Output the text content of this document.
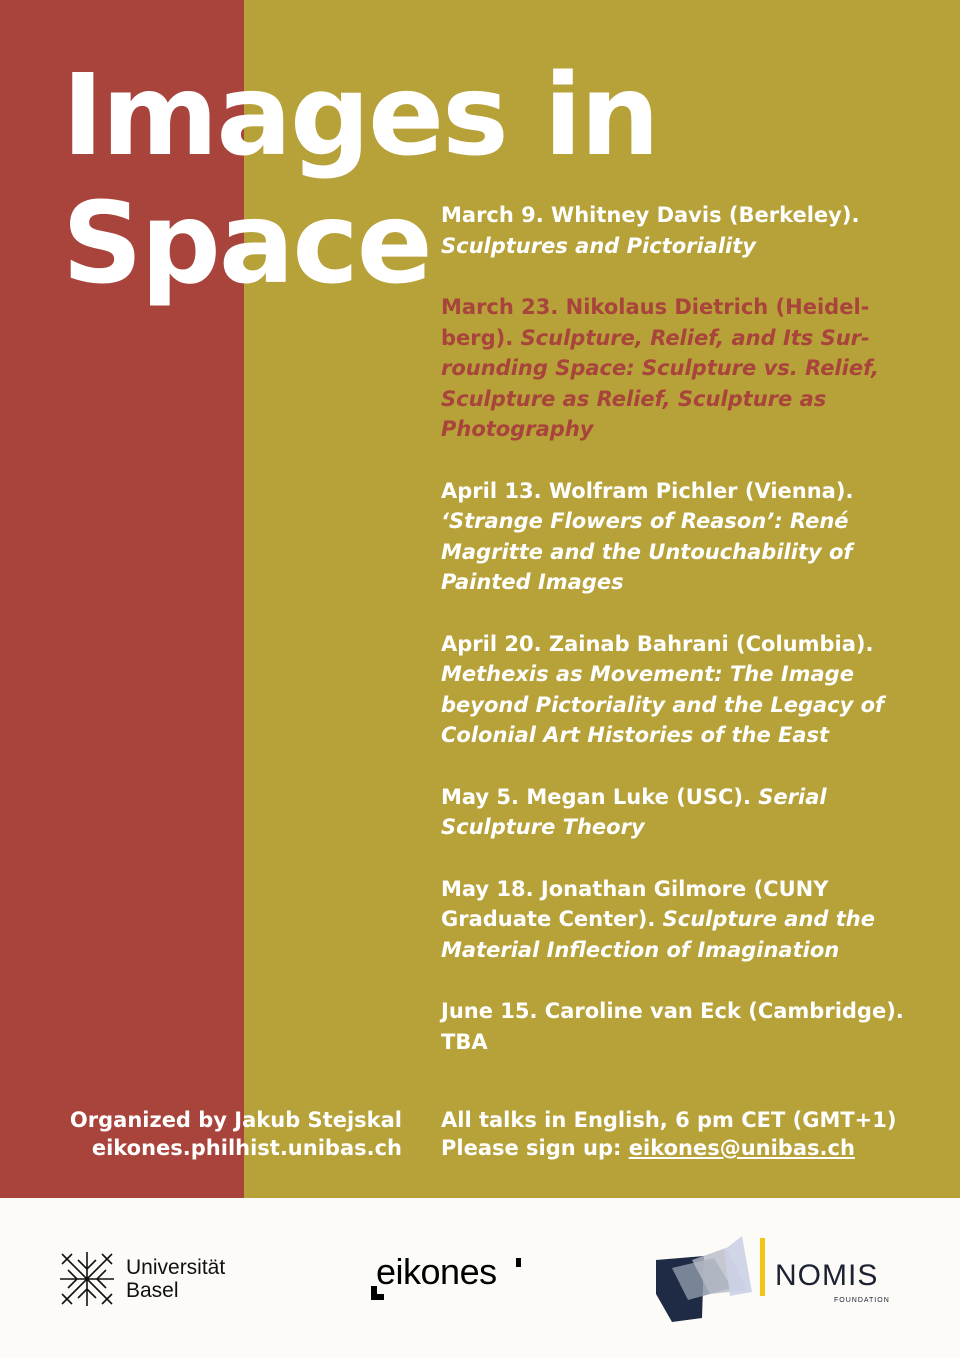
Images in
Space March 9. Whitney Davis (Berkeley). Sculptures and Pictoriality
March 23. Nikolaus Dietrich (Heidel- berg). Sculpture, Relief, and Its Sur- rounding Space: Sculpture vs. Relief, Sculpture as Relief, Sculpture as Photography
April 13. Wolfram Pichler (Vienna). ‘Strange Flowers of Reason’: René Magritte and the Untouchability of Painted Images
April 20. Zainab Bahrani (Columbia). Methexis as Movement: The Image beyond Pictoriality and the Legacy of Colonial Art Histories of the East
May 5. Megan Luke (USC). Serial Sculpture Theory
May 18. Jonathan Gilmore (CUNY Graduate Center). Sculpture and the Material Inflection of Imagination
June 15. Caroline van Eck (Cambridge). TBA
Organized by Jakub Stejskal
eikones.philhist.unibas.ch
All talks in English, 6 pm CET (GMT+1)
Please sign up: eikones@unibas.ch
Universität
Basel	eikones	NOMIS
FOUNDATION
